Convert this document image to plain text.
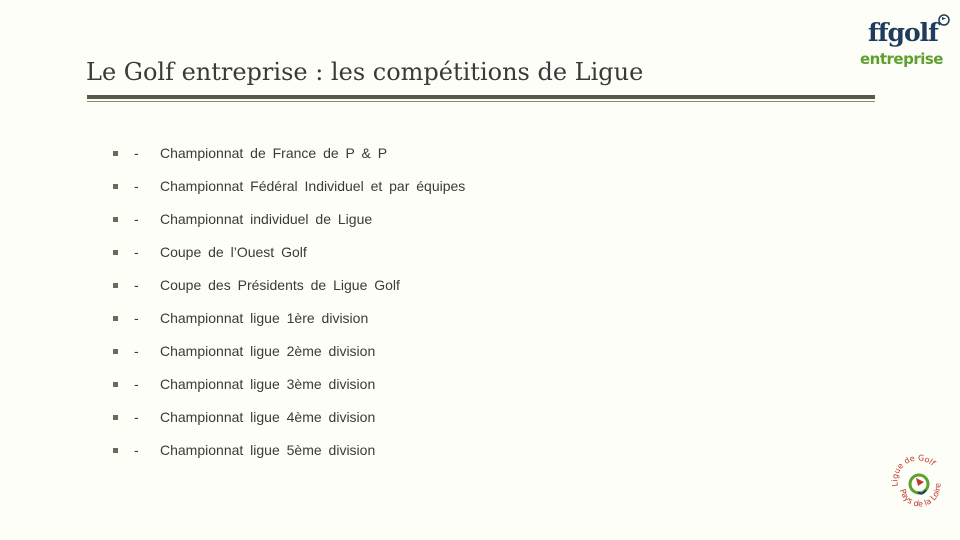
Le Golf entreprise : les compétitions de Ligue
ffgolf
entreprise
- Championnat de France de P & P
- Championnat Fédéral Individuel et par équipes
- Championnat individuel de Ligue
- Coupe de l’Ouest Golf
- Coupe des Présidents de Ligue Golf
- Championnat ligue 1ère division
- Championnat ligue 2ème division
- Championnat ligue 3ème division
- Championnat ligue 4ème division
- Championnat ligue 5ème division
Ligue de Golf
Pays de la Loire
